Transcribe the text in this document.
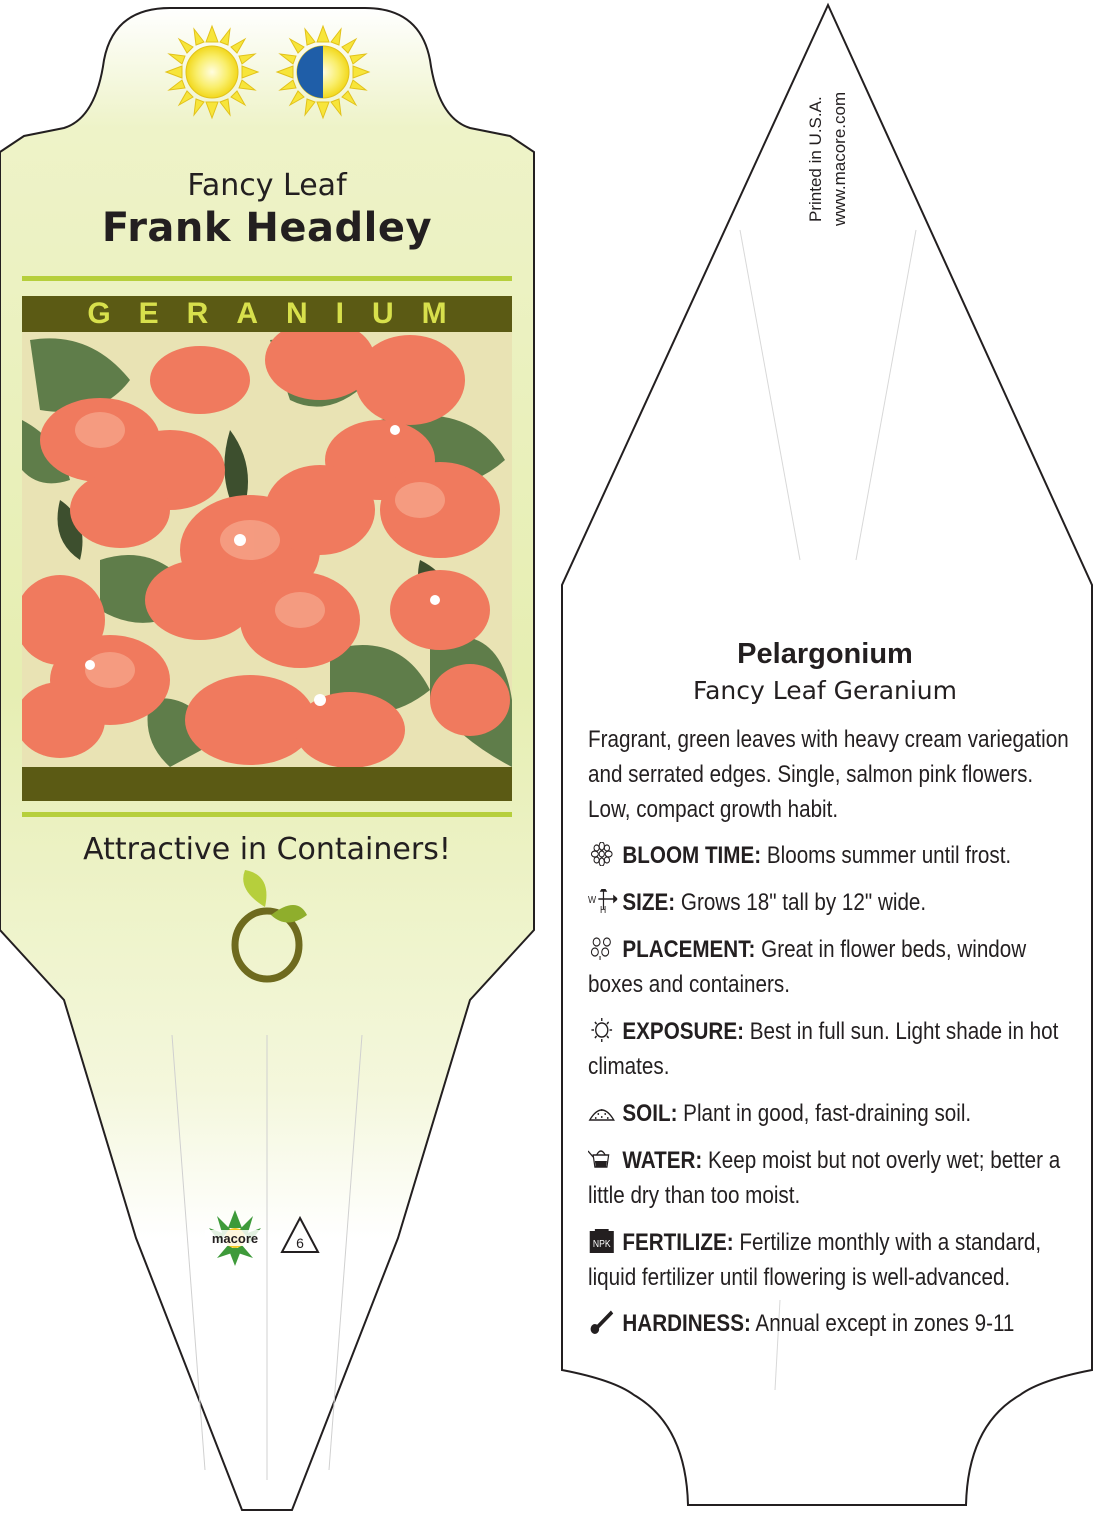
macore	6
Fancy Leaf
Frank Headley
GERANIUM
Attractive in Containers!
Printed in U.S.A. www.macore.com
Pelargonium
Fancy Leaf Geranium
Fragrant, green leaves with heavy cream variegation and serrated edges. Single, salmon pink flowers. Low, compact growth habit.
BLOOM TIME: Blooms summer until frost.
W
H SIZE: Grows 18" tall by 12" wide.
PLACEMENT: Great in flower beds, window boxes and containers.
EXPOSURE: Best in full sun. Light shade in hot climates.
SOIL: Plant in good, fast-draining soil.
WATER: Keep moist but not overly wet; better a little dry than too moist.
NPK FERTILIZE: Fertilize monthly with a standard, liquid fertilizer until flowering is well-advanced.
HARDINESS: Annual except in zones 9-11
